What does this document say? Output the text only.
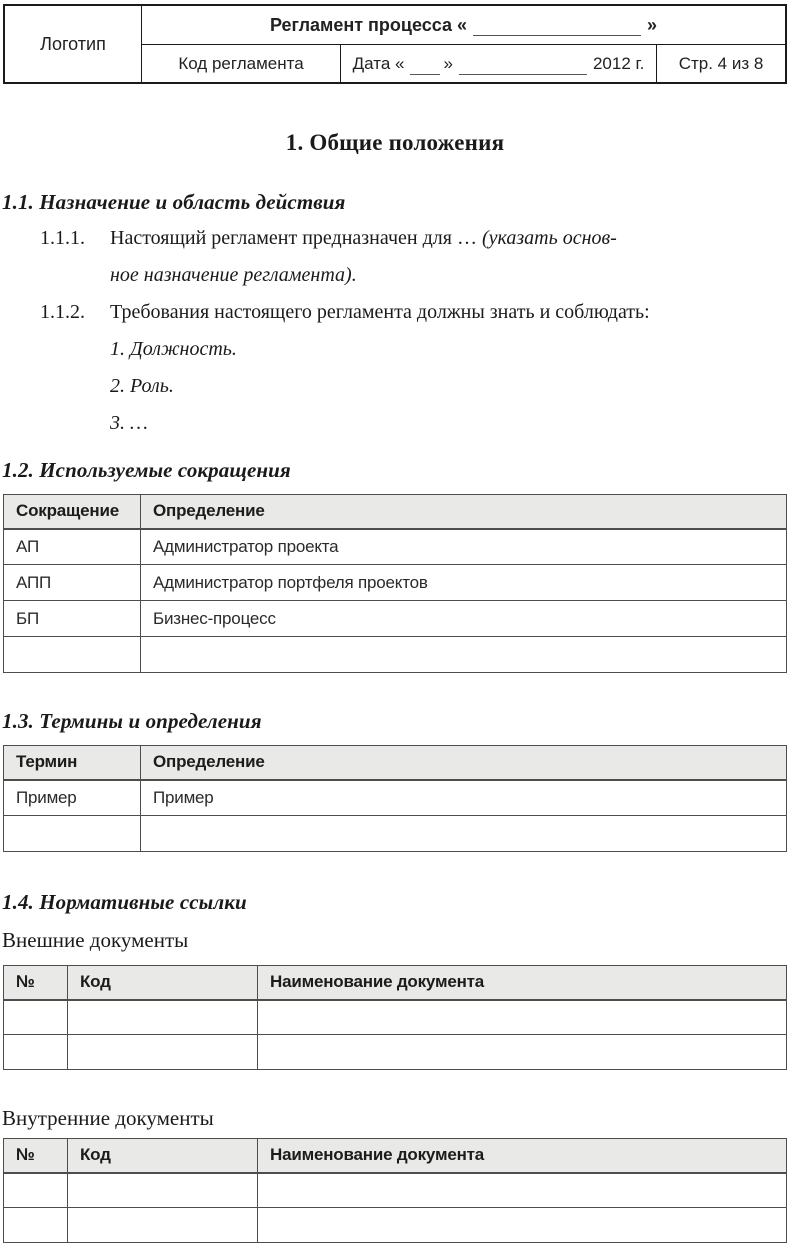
Логотип
Регламент процесса «	»
Код регламента	Дата « »	2012 г.	Стр. 4 из 8
1. Общие положения
1.1. Назначение и область действия
1.1.1. Настоящий регламент предназначен для … (указать основ-
ное назначение регламента).
1.1.2. Требования настоящего регламента должны знать и соблюдать:
1. Должность.
2. Роль.
3. …
1.2. Используемые сокращения
Сокращение	Определение
АП	Администратор проекта
АПП	Администратор портфеля проектов
БП	Бизнес-процесс

1.3. Термины и определения
Термин	Определение
Пример	Пример

1.4. Нормативные ссылки
Внешние документы
№	Код	Наименование документа

Внутренние документы
№	Код	Наименование документа
